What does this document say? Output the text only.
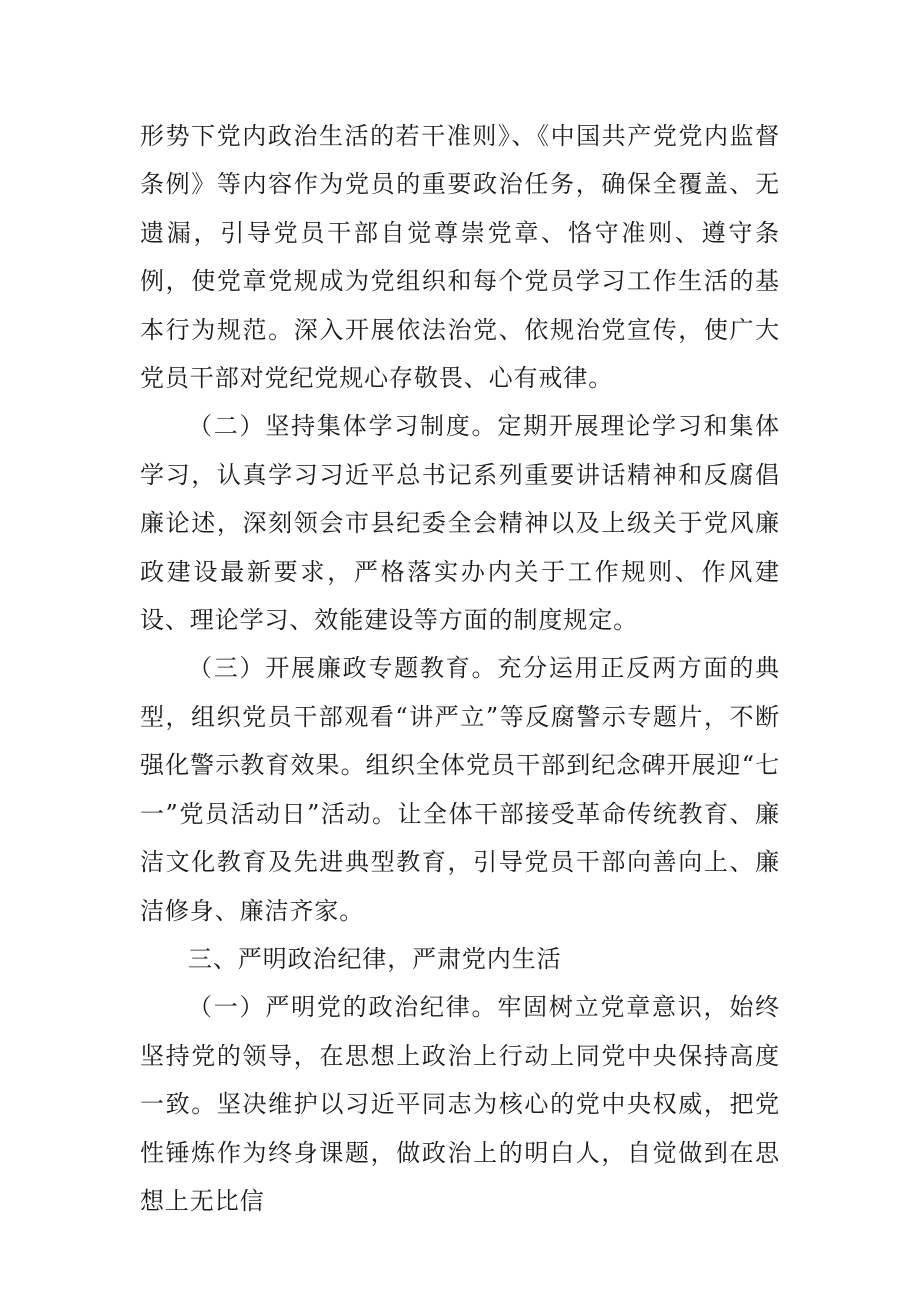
形势下党内政治生活的若干准则》、《中国共产党党内监督条例》等内容作为党员的重要政治任务，确保全覆盖、无遗漏，引导党员干部自觉尊崇党章、恪守准则、遵守条例，使党章党规成为党组织和每个党员学习工作生活的基本行为规范。深入开展依法治党、依规治党宣传，使广大党员干部对党纪党规心存敬畏、心有戒律。

（二）坚持集体学习制度。定期开展理论学习和集体学习，认真学习习近平总书记系列重要讲话精神和反腐倡廉论述，深刻领会市县纪委全会精神以及上级关于党风廉政建设最新要求，严格落实办内关于工作规则、作风建设、理论学习、效能建设等方面的制度规定。

（三）开展廉政专题教育。充分运用正反两方面的典型，组织党员干部观看“讲严立”等反腐警示专题片，不断强化警示教育效果。组织全体党员干部到纪念碑开展迎“七一”党员活动日”活动。让全体干部接受革命传统教育、廉洁文化教育及先进典型教育，引导党员干部向善向上、廉洁修身、廉洁齐家。

三、严明政治纪律，严肃党内生活

（一）严明党的政治纪律。牢固树立党章意识，始终坚持党的领导，在思想上政治上行动上同党中央保持高度一致。坚决维护以习近平同志为核心的党中央权威，把党性锤炼作为终身课题，做政治上的明白人，自觉做到在思想上无比信
